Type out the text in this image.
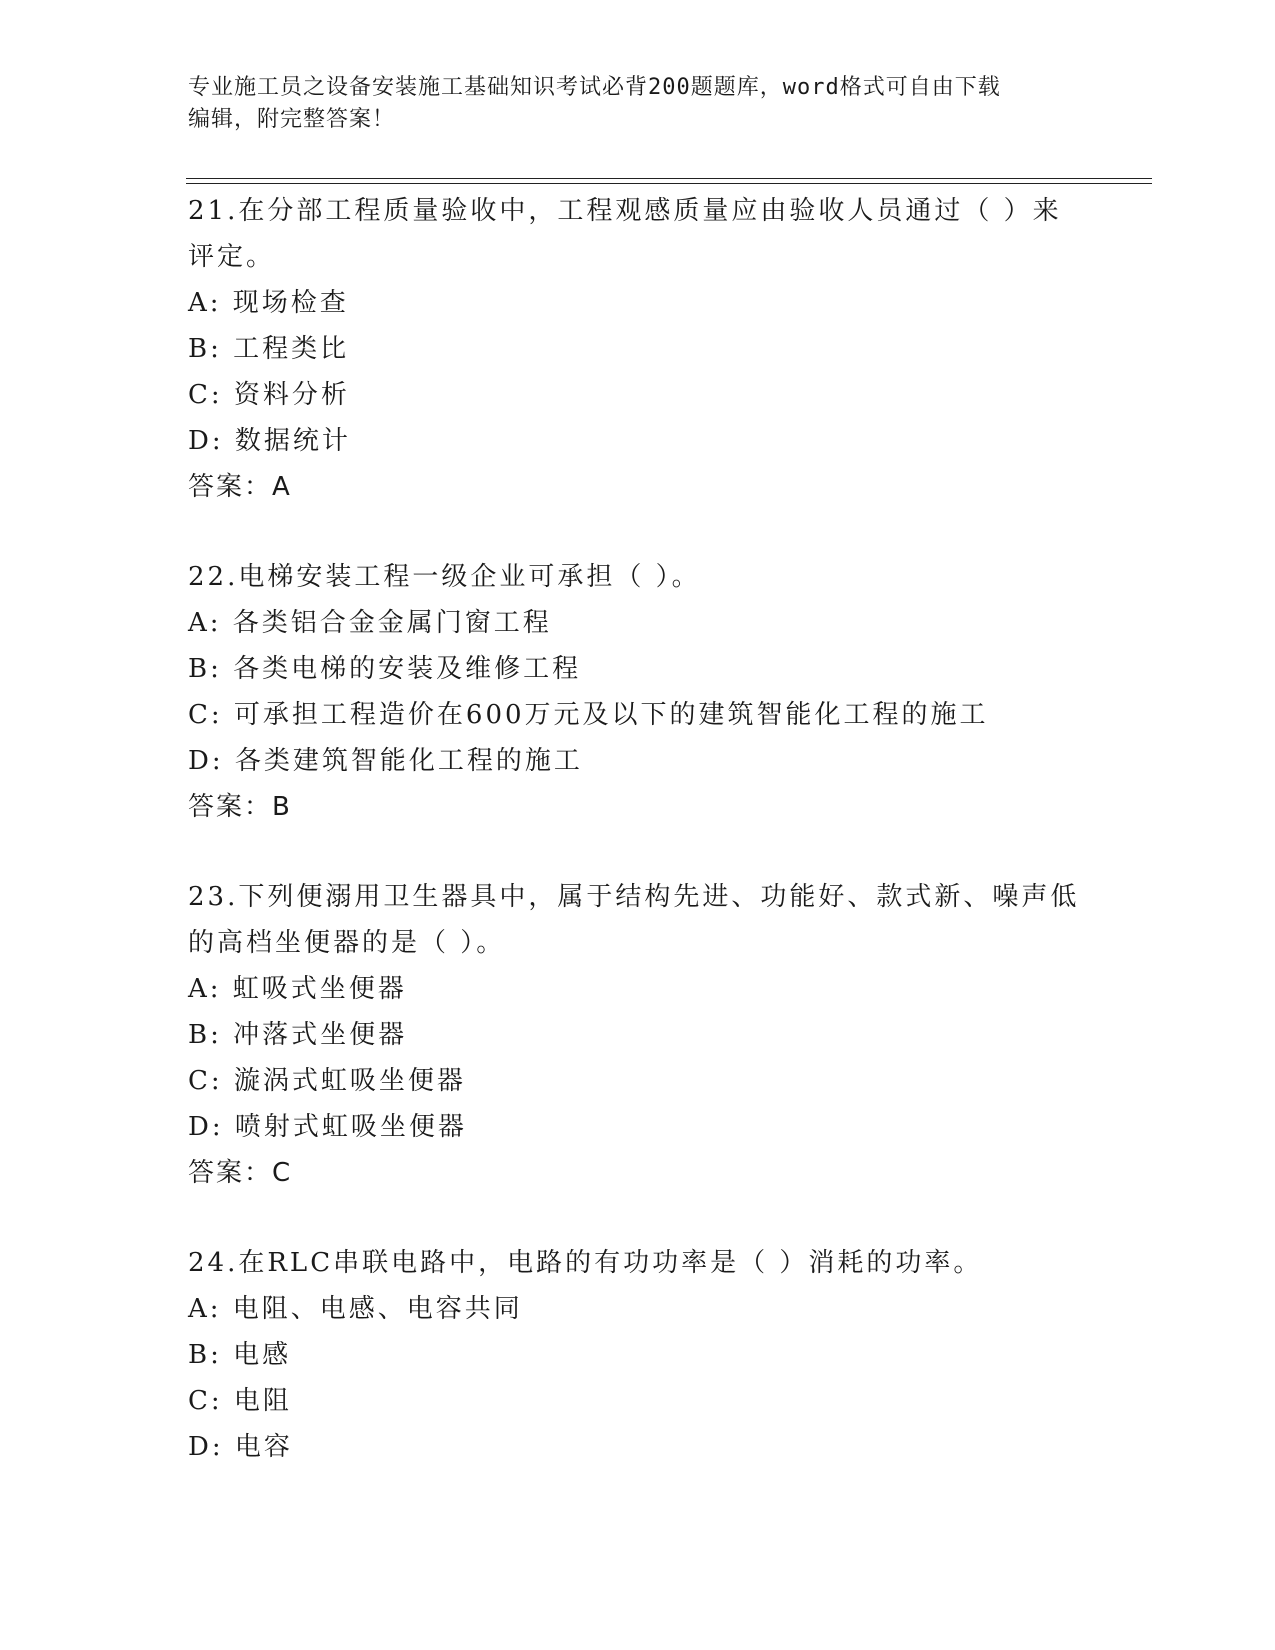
专业施工员之设备安装施工基础知识考试必背200题题库，word格式可自由下载
编辑，附完整答案！
21.在分部工程质量验收中，工程观感质量应由验收人员通过（ ）来
评定。
A: 现场检查
B: 工程类比
C: 资料分析
D: 数据统计
答案：A
22.电梯安装工程一级企业可承担（ ）。
A: 各类铝合金金属门窗工程
B: 各类电梯的安装及维修工程
C: 可承担工程造价在600万元及以下的建筑智能化工程的施工
D: 各类建筑智能化工程的施工
答案：B
23.下列便溺用卫生器具中，属于结构先进、功能好、款式新、噪声低
的高档坐便器的是（ ）。
A: 虹吸式坐便器
B: 冲落式坐便器
C: 漩涡式虹吸坐便器
D: 喷射式虹吸坐便器
答案：C
24.在RLC串联电路中，电路的有功功率是（ ）消耗的功率。
A: 电阻、电感、电容共同
B: 电感
C: 电阻
D: 电容
